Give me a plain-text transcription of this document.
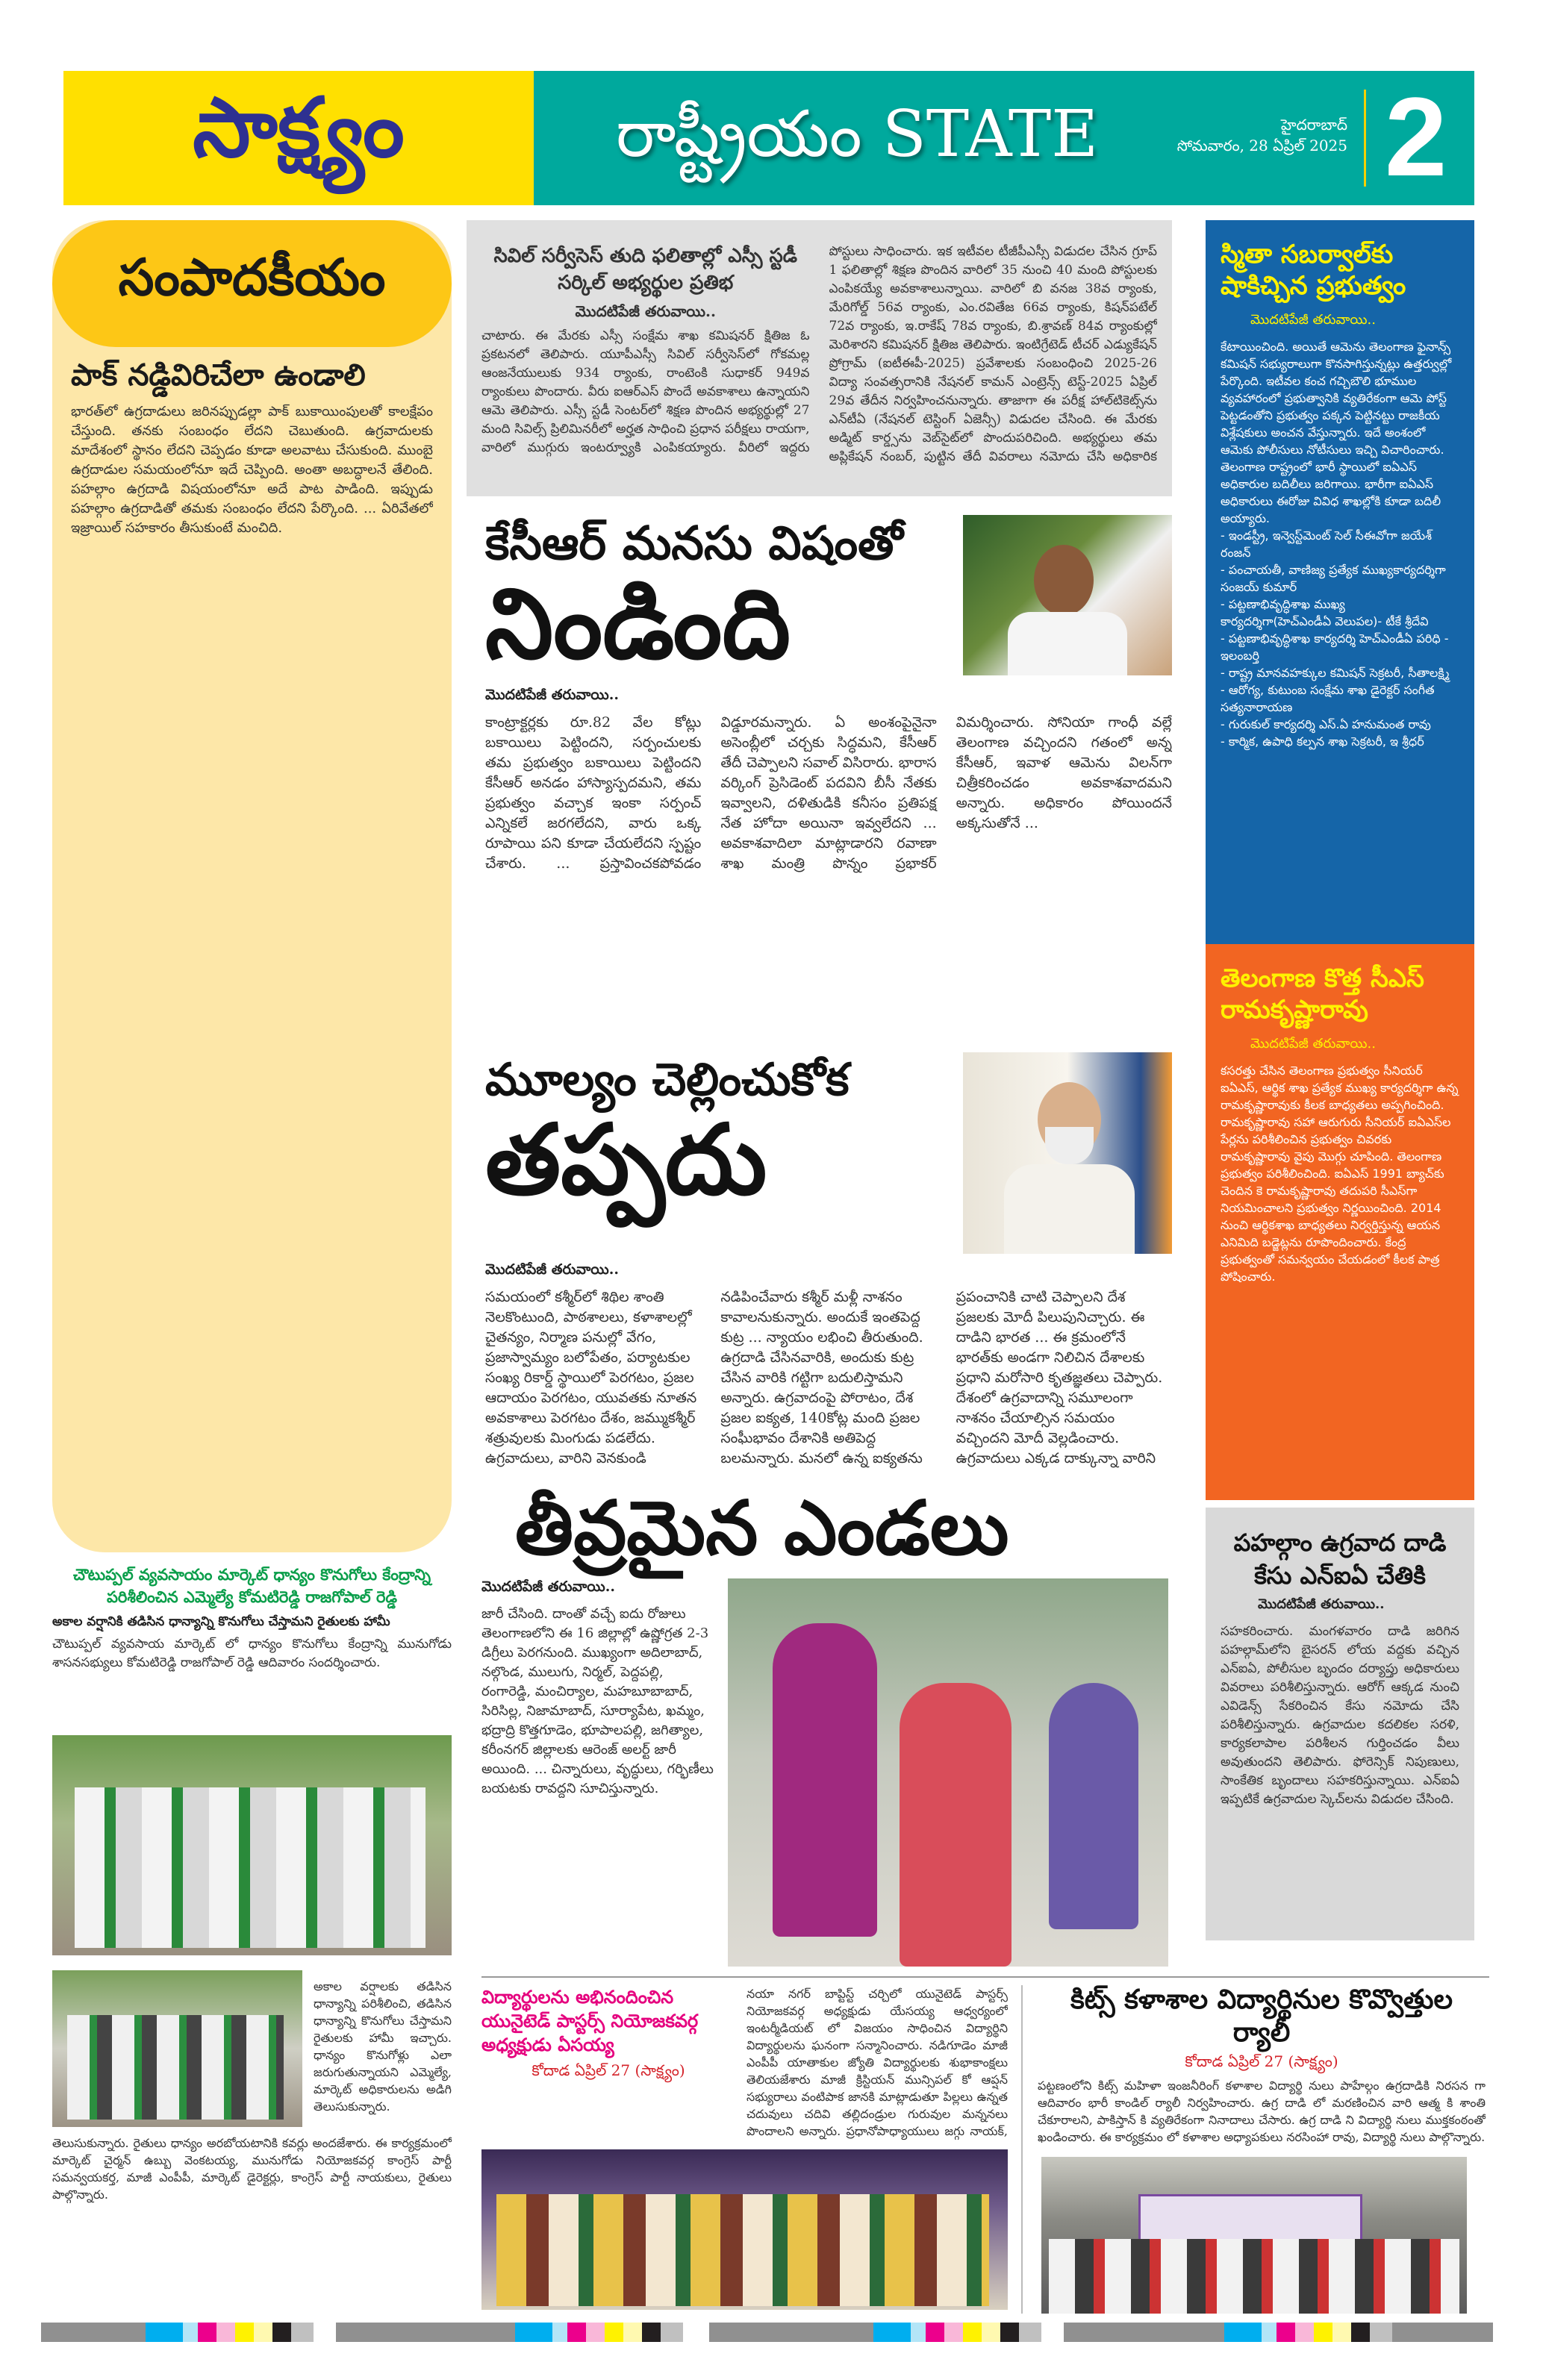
సాక్ష్యం	రాష్ట్రీయం STATE	హైదరాబాద్
సోమవారం, 28 ఏప్రిల్ 2025 2
సంపాదకీయం
పాక్ నడ్డివిరిచేలా ఉండాలి
భారత్‌లో ఉగ్రదాడులు జరినప్పుడల్లా పాక్ బుకాయింపులతో కాలక్షేపం చేస్తుంది. తనకు సంబంధం లేదని చెబుతుంది. ఉగ్రవాదులకు మాదేశంలో స్థానం లేదని చెప్పడం కూడా అలవాటు చేసుకుంది. ముంబై ఉగ్రదాడుల సమయంలోనూ ఇదే చెప్పింది. అంతా అబద్ధాలనే తేలింది. పహల్గాం ఉగ్రదాడి విషయంలోనూ అదే పాట పాడింది. ఇప్పుడు పహల్గాం ఉగ్రదాడితో తమకు సంబంధం లేదని పేర్కొంది. ... ఏరివేతలో ఇజ్రాయిల్ సహకారం తీసుకుంటే మంచిది.
సివిల్ సర్వీసెస్ తుది ఫలితాల్లో ఎస్సీ స్టడీ సర్కిల్ అభ్యర్థుల ప్రతిభ
మొదటిపేజీ తరువాయి..
చాటారు. ఈ మేరకు ఎస్సీ సంక్షేమ శాఖ కమిషనర్ క్షితిజ ఓ ప్రకటనలో తెలిపారు. యూపీఎస్సీ సివిల్ సర్వీసెస్‌లో గోకమల్ల ఆంజనేయులుకు 934 ర్యాంకు, రాంటెంకి సుధాకర్ 949వ ర్యాంకులు పొందారు. వీరు ఐఆర్ఎస్ పొందే అవకాశాలు ఉన్నాయని ఆమె తెలిపారు. ఎస్సీ స్టడీ సెంటర్‌లో శిక్షణ పొందిన అభ్యర్థుల్లో 27 మంది సివిల్స్ ప్రిలిమినరీలో అర్హత సాధించి ప్రధాన పరీక్షలు రాయగా, వారిలో ముగ్గురు ఇంటర్వ్యూకి ఎంపికయ్యారు. వీరిలో ఇద్దరు పోస్టులు సాధించారు. ఇక ఇటీవల టీజీపీఎస్సీ విడుదల చేసిన గ్రూప్ 1 ఫలితాల్లో శిక్షణ పొందిన వారిలో 35 నుంచి 40 మంది పోస్టులకు ఎంపికయ్యే అవకాశాలున్నాయి. వారిలో బి వనజ 38వ ర్యాంకు, మేరిగోల్డ్ 56వ ర్యాంకు, ఎం.రవితేజ 66వ ర్యాంకు, కిషన్‌పటేల్ 72వ ర్యాంకు, ఇ.రాకేష్ 78వ ర్యాంకు, బి.శ్రావణ్ 84వ ర్యాంకుల్లో మెరిశారని కమిషనర్ క్షితిజ తెలిపారు. ఇంటిగ్రేటెడ్ టీచర్ ఎడ్యుకేషన్ ప్రోగ్రామ్ (ఐటీఈపీ-2025) ప్రవేశాలకు సంబంధించి 2025-26 విద్యా సంవత్సరానికి నేషనల్ కామన్ ఎంట్రెన్స్ టెస్ట్-2025 ఏప్రిల్ 29వ తేదీన నిర్వహించనున్నారు. తాజాగా ఈ పరీక్ష హాల్‌టికెట్స్‌ను ఎన్‌టీఏ (నేషనల్ టెస్టింగ్ ఏజెన్సీ) విడుదల చేసింది. ఈ మేరకు అడ్మిట్ కార్డ్సను వెబ్‌సైట్‌లో పొందుపరిచింది. అభ్యర్థులు తమ అప్లికేషన్ నంబర్, పుట్టిన తేదీ వివరాలు నమోదు చేసి అధికారిక
కేసీఆర్ మనసు విషంతో
నిండింది
మొదటిపేజీ తరువాయి..
కాంట్రాక్టర్లకు రూ.82 వేల కోట్లు బకాయిలు పెట్టిందని, సర్పంచులకు తమ ప్రభుత్వం బకాయిలు పెట్టిందని కేసీఆర్ అనడం హాస్యాస్పదమని, తమ ప్రభుత్వం వచ్చాక ఇంకా సర్పంచ్ ఎన్నికలే జరగలేదని, వారు ఒక్క రూపాయి పని కూడా చేయలేదని స్పష్టం చేశారు. ... ప్రస్తావించకపోవడం విడ్డూరమన్నారు. ఏ అంశంపైనైనా అసెంబ్లీలో చర్చకు సిద్ధమని, కేసీఆర్ తేదీ చెప్పాలని సవాల్ విసిరారు. భారాస వర్కింగ్ ప్రెసిడెంట్ పదవిని బీసీ నేతకు ఇవ్వాలని, దళితుడికి కనీసం ప్రతిపక్ష నేత హోదా అయినా ఇవ్వలేదని ... అవకాశవాదిలా మాట్లాడారని రవాణా శాఖ మంత్రి పొన్నం ప్రభాకర్ విమర్శించారు. సోనియా గాంధీ వల్లే తెలంగాణ వచ్చిందని గతంలో అన్న కేసీఆర్, ఇవాళ ఆమెను విలన్‌గా చిత్రీకరించడం అవకాశవాదమని అన్నారు. అధికారం పోయిందనే అక్కసుతోనే ...
మూల్యం చెల్లించుకోక
తప్పదు
మొదటిపేజీ తరువాయి..
సమయంలో కశ్మీర్‌లో శిథిల శాంతి నెలకొంటుంది, పాఠశాలలు, కళాశాలల్లో చైతన్యం, నిర్మాణ పనుల్లో వేగం, ప్రజాస్వామ్యం బలోపేతం, పర్యాటకుల సంఖ్య రికార్డ్ స్థాయిలో పెరగటం, ప్రజల ఆదాయం పెరగటం, యువతకు నూతన అవకాశాలు పెరగటం దేశం, జమ్ముకశ్మీర్ శత్రువులకు మింగుడు పడలేదు. ఉగ్రవాదులు, వారిని వెనకుండి నడిపించేవారు కశ్మీర్ మళ్లీ నాశనం కావాలనుకున్నారు. అందుకే ఇంతపెద్ద కుట్ర ... న్యాయం లభించి తీరుతుంది. ఉగ్రదాడి చేసినవారికి, అందుకు కుట్ర చేసిన వారికి గట్టిగా బదులిస్తామని అన్నారు. ఉగ్రవాదంపై పోరాటం, దేశ ప్రజల ఐక్యత, 140కోట్ల మంది ప్రజల సంఘీభావం దేశానికి అతిపెద్ద బలమన్నారు. మనలో ఉన్న ఐక్యతను ప్రపంచానికి చాటి చెప్పాలని దేశ ప్రజలకు మోదీ పిలుపునిచ్చారు. ఈ దాడిని భారత ... ఈ క్రమంలోనే భారత్‌కు అండగా నిలిచిన దేశాలకు ప్రధాని మరోసారి కృతజ్ఞతలు చెప్పారు. దేశంలో ఉగ్రవాదాన్ని సమూలంగా నాశనం చేయాల్సిన సమయం వచ్చిందని మోదీ వెల్లడించారు. ఉగ్రవాదులు ఎక్కడ దాక్కున్నా వారిని
తీవ్రమైన ఎండలు
మొదటిపేజీ తరువాయి..
జారీ చేసింది. దాంతో వచ్చే ఐదు రోజులు తెలంగాణలోని ఈ 16 జిల్లాల్లో ఉష్ణోగ్రత 2-3 డిగ్రీలు పెరగనుంది. ముఖ్యంగా అదిలాబాద్, నల్గొండ, ములుగు, నిర్మల్, పెద్దపల్లి, రంగారెడ్డి, మంచిర్యాల, మహబూబాబాద్, సిరిసిల్ల, నిజామాబాద్, సూర్యాపేట, ఖమ్మం, భద్రాద్రి కొత్తగూడెం, భూపాలపల్లి, జగిత్యాల, కరీంనగర్ జిల్లాలకు ఆరెంజ్ అలర్ట్ జారీ అయింది. ... చిన్నారులు, వృద్ధులు, గర్భిణీలు బయటకు రావద్దని సూచిస్తున్నారు.
స్మితా సబర్వాల్‌కు షాకిచ్చిన ప్రభుత్వం
మొదటిపేజీ తరువాయి..
కేటాయించింది. అయితే ఆమెను తెలంగాణ ఫైనాన్స్ కమిషన్ సభ్యురాలుగా కొనసాగిస్తున్నట్లు ఉత్తర్వుల్లో పేర్కొంది. ఇటీవల కంచ గచ్చిబౌలి భూముల వ్యవహారంలో ప్రభుత్వానికి వ్యతిరేకంగా ఆమె పోస్ట్ పెట్టడంతోని ప్రభుత్వం పక్కన పెట్టినట్టు రాజకీయ విశ్లేషకులు అంచన వేస్తున్నారు. ఇదే అంశంలో ఆమెకు పోలీసులు నోటీసులు ఇచ్చి విచారించారు. తెలంగాణ రాష్ట్రంలో భారీ స్థాయిలో ఐఏఎస్ అధికారుల బదిలీలు జరిగాయి. భారీగా ఐఏఎస్ అధికారులు ఈరోజు వివిధ శాఖల్లోకి కూడా బదిలీ అయ్యారు.
- ఇండస్ట్రీ, ఇన్వెస్ట్‌మెంట్ సెల్ సీఈవోగా జయేశ్ రంజన్
- పంచాయతీ, వాణిజ్య ప్రత్యేక ముఖ్యకార్యదర్శిగా సంజయ్ కుమార్
- పట్టణాభివృద్ధిశాఖ ముఖ్య కార్యదర్శిగా(హెచ్ఎండీఏ వెలుపల)- టీకే శ్రీదేవి
- పట్టణాభివృద్ధిశాఖ కార్యదర్శి హెచ్ఎండీఏ పరిధి - ఇలంబర్తి
- రాష్ట్ర మానవహక్కుల కమిషన్ సెక్రటరీ, సీతాలక్ష్మి
- ఆరోగ్య, కుటుంబ సంక్షేమ శాఖ డైరెక్టర్ సంగీత సత్యనారాయణ
- గురుకుల్ కార్యదర్శి ఎస్.ఏ హనుమంత రావు
- కార్మిక, ఉపాధి కల్పన శాఖ సెక్రటరీ, ఇ శ్రీధర్
తెలంగాణ కొత్త సీఎస్ రామకృష్ణారావు
మొదటిపేజీ తరువాయి..
కసరత్తు చేసిన తెలంగాణ ప్రభుత్వం సీనియర్ ఐఏఎస్, ఆర్థిక శాఖ ప్రత్యేక ముఖ్య కార్యదర్శిగా ఉన్న రామకృష్ణారావుకు కీలక బాధ్యతలు అప్పగించింది. రామకృష్ణారావు సహా ఆరుగురు సీనియర్ ఐఏఎస్‌ల పేర్లను పరిశీలించిన ప్రభుత్వం చివరకు రామకృష్ణారావు వైపు మొగ్గు చూపింది. తెలంగాణ ప్రభుత్వం పరిశీలించింది. ఐఏఎస్ 1991 బ్యాచ్‌కు చెందిన కె రామకృష్ణారావు తదుపరి సీఎస్‌గా నియమించాలని ప్రభుత్వం నిర్ణయించింది. 2014 నుంచి ఆర్థికశాఖ బాధ్యతలు నిర్వర్తిస్తున్న ఆయన ఎనిమిది బడ్జెట్లను రూపొందించారు. కేంద్ర ప్రభుత్వంతో సమన్వయం చేయడంలో కీలక పాత్ర పోషించారు.
పహల్గాం ఉగ్రవాద దాడి కేసు ఎన్ఐఏ చేతికి
మొదటిపేజీ తరువాయి..
సహకరించారు. మంగళవారం దాడి జరిగిన పహల్గామ్‌లోని బైసరన్ లోయ వద్దకు వచ్చిన ఎన్ఐఏ, పోలీసుల బృందం దర్యాప్తు అధికారులు వివరాలు పరిశీలిస్తున్నారు. ఆరోగ్ ఆక్కడ నుంచి ఎవిడెన్స్ సేకరించిన కేసు నమోదు చేసి పరిశీలిస్తున్నారు. ఉగ్రవాదుల కదలికల సరళి, కార్యకలాపాల పరిశీలన గుర్తించడం వీలు అవుతుందని తెలిపారు. ఫోరెన్సిక్ నిపుణులు, సాంకేతిక బృందాలు సహకరిస్తున్నాయి. ఎన్ఐఏ ఇప్పటికే ఉగ్రవాదుల స్కెచ్‌లను విడుదల చేసింది.
చౌటుప్పల్ వ్యవసాయం మార్కెట్ ధాన్యం కొనుగోలు కేంద్రాన్ని పరిశీలించిన ఎమ్మెల్యే కోమటిరెడ్డి రాజగోపాల్ రెడ్డి
అకాల వర్షానికి తడిసిన ధాన్యాన్ని కొనుగోలు చేస్తామని రైతులకు హామీ
చౌటుప్పల్ వ్యవసాయ మార్కెట్ లో ధాన్యం కొనుగోలు కేంద్రాన్ని మునుగోడు శాసనసభ్యులు కోమటిరెడ్డి రాజగోపాల్ రెడ్డి ఆదివారం సందర్శించారు.
అకాల వర్షాలకు తడిసిన ధాన్యాన్ని పరిశీలించి, తడిసిన ధాన్యాన్ని కొనుగోలు చేస్తామని రైతులకు హామీ ఇచ్చారు. ధాన్యం కొనుగోళ్లు ఎలా జరుగుతున్నాయని ఎమ్మెల్యే, మార్కెట్ అధికారులను అడిగి తెలుసుకున్నారు.
తెలుసుకున్నారు. రైతులు ధాన్యం అరబోయటానికి కవర్లు అందజేశారు. ఈ కార్యక్రమంలో మార్కెట్ చైర్మన్ ఉబ్బు వెంకటయ్య, మునుగోడు నియోజకవర్గ కాంగ్రెస్ పార్టీ సమన్వయకర్త, మాజీ ఎంపీపీ, మార్కెట్ డైరెక్టర్లు, కాంగ్రెస్ పార్టీ నాయకులు, రైతులు పాల్గొన్నారు.
విద్యార్థులను అభినందించిన యునైటెడ్ పాస్టర్స్ నియోజకవర్గ అధ్యక్షుడు ఏసయ్య
కోదాడ ఏప్రిల్ 27 (సాక్ష్యం)
నయా నగర్ బాప్టిస్ట్ చర్చిలో యునైటెడ్ పాస్టర్స్ నియోజకవర్గ అధ్యక్షుడు యేసయ్య ఆధ్వర్యంలో ఇంటర్మీడియట్ లో విజయం సాధించిన విద్యార్థిని విద్యార్థులను ఘనంగా సన్మానించారు. నడిగూడెం మాజీ ఎంపీపీ యాతాకుల జ్యోతి విద్యార్థులకు శుభాకాంక్షలు తెలియజేశారు మాజీ క్రిస్టియన్ మున్సిపల్ కో ఆప్షన్ సభ్యురాలు వంటిపాక జానకి మాట్లాడుతూ పిల్లలు ఉన్నత చదువులు చదివి తల్లిదండ్రుల గురువుల మన్ననలు పొందాలని అన్నారు. ప్రధానోపాధ్యాయులు జగ్గు నాయక్,
కిట్స్ కళాశాల విద్యార్థినుల కొవ్వొత్తుల ర్యాలీ
కోదాడ ఏప్రిల్ 27 (సాక్ష్యం)
పట్టణంలోని కిట్స్ మహిళా ఇంజనీరింగ్ కళాశాల విద్యార్థి నులు పాహేల్గం ఉగ్రదాడికి నిరసన గా ఆదివారం భారీ కాండిల్ ర్యాలీ నిర్వహించారు. ఉగ్ర దాడి లో మరణించిన వారి ఆత్మ కి శాంతి చేకూరాలని, పాకిస్తాన్ కి వ్యతిరేకంగా నినాదాలు చేసారు. ఉగ్ర దాడి ని విద్యార్థి నులు ముక్తకంఠంతో ఖండించారు. ఈ కార్యక్రమం లో కళాశాల అధ్యాపకులు నరసింహా రావు, విద్యార్థి నులు పాల్గొన్నారు.
